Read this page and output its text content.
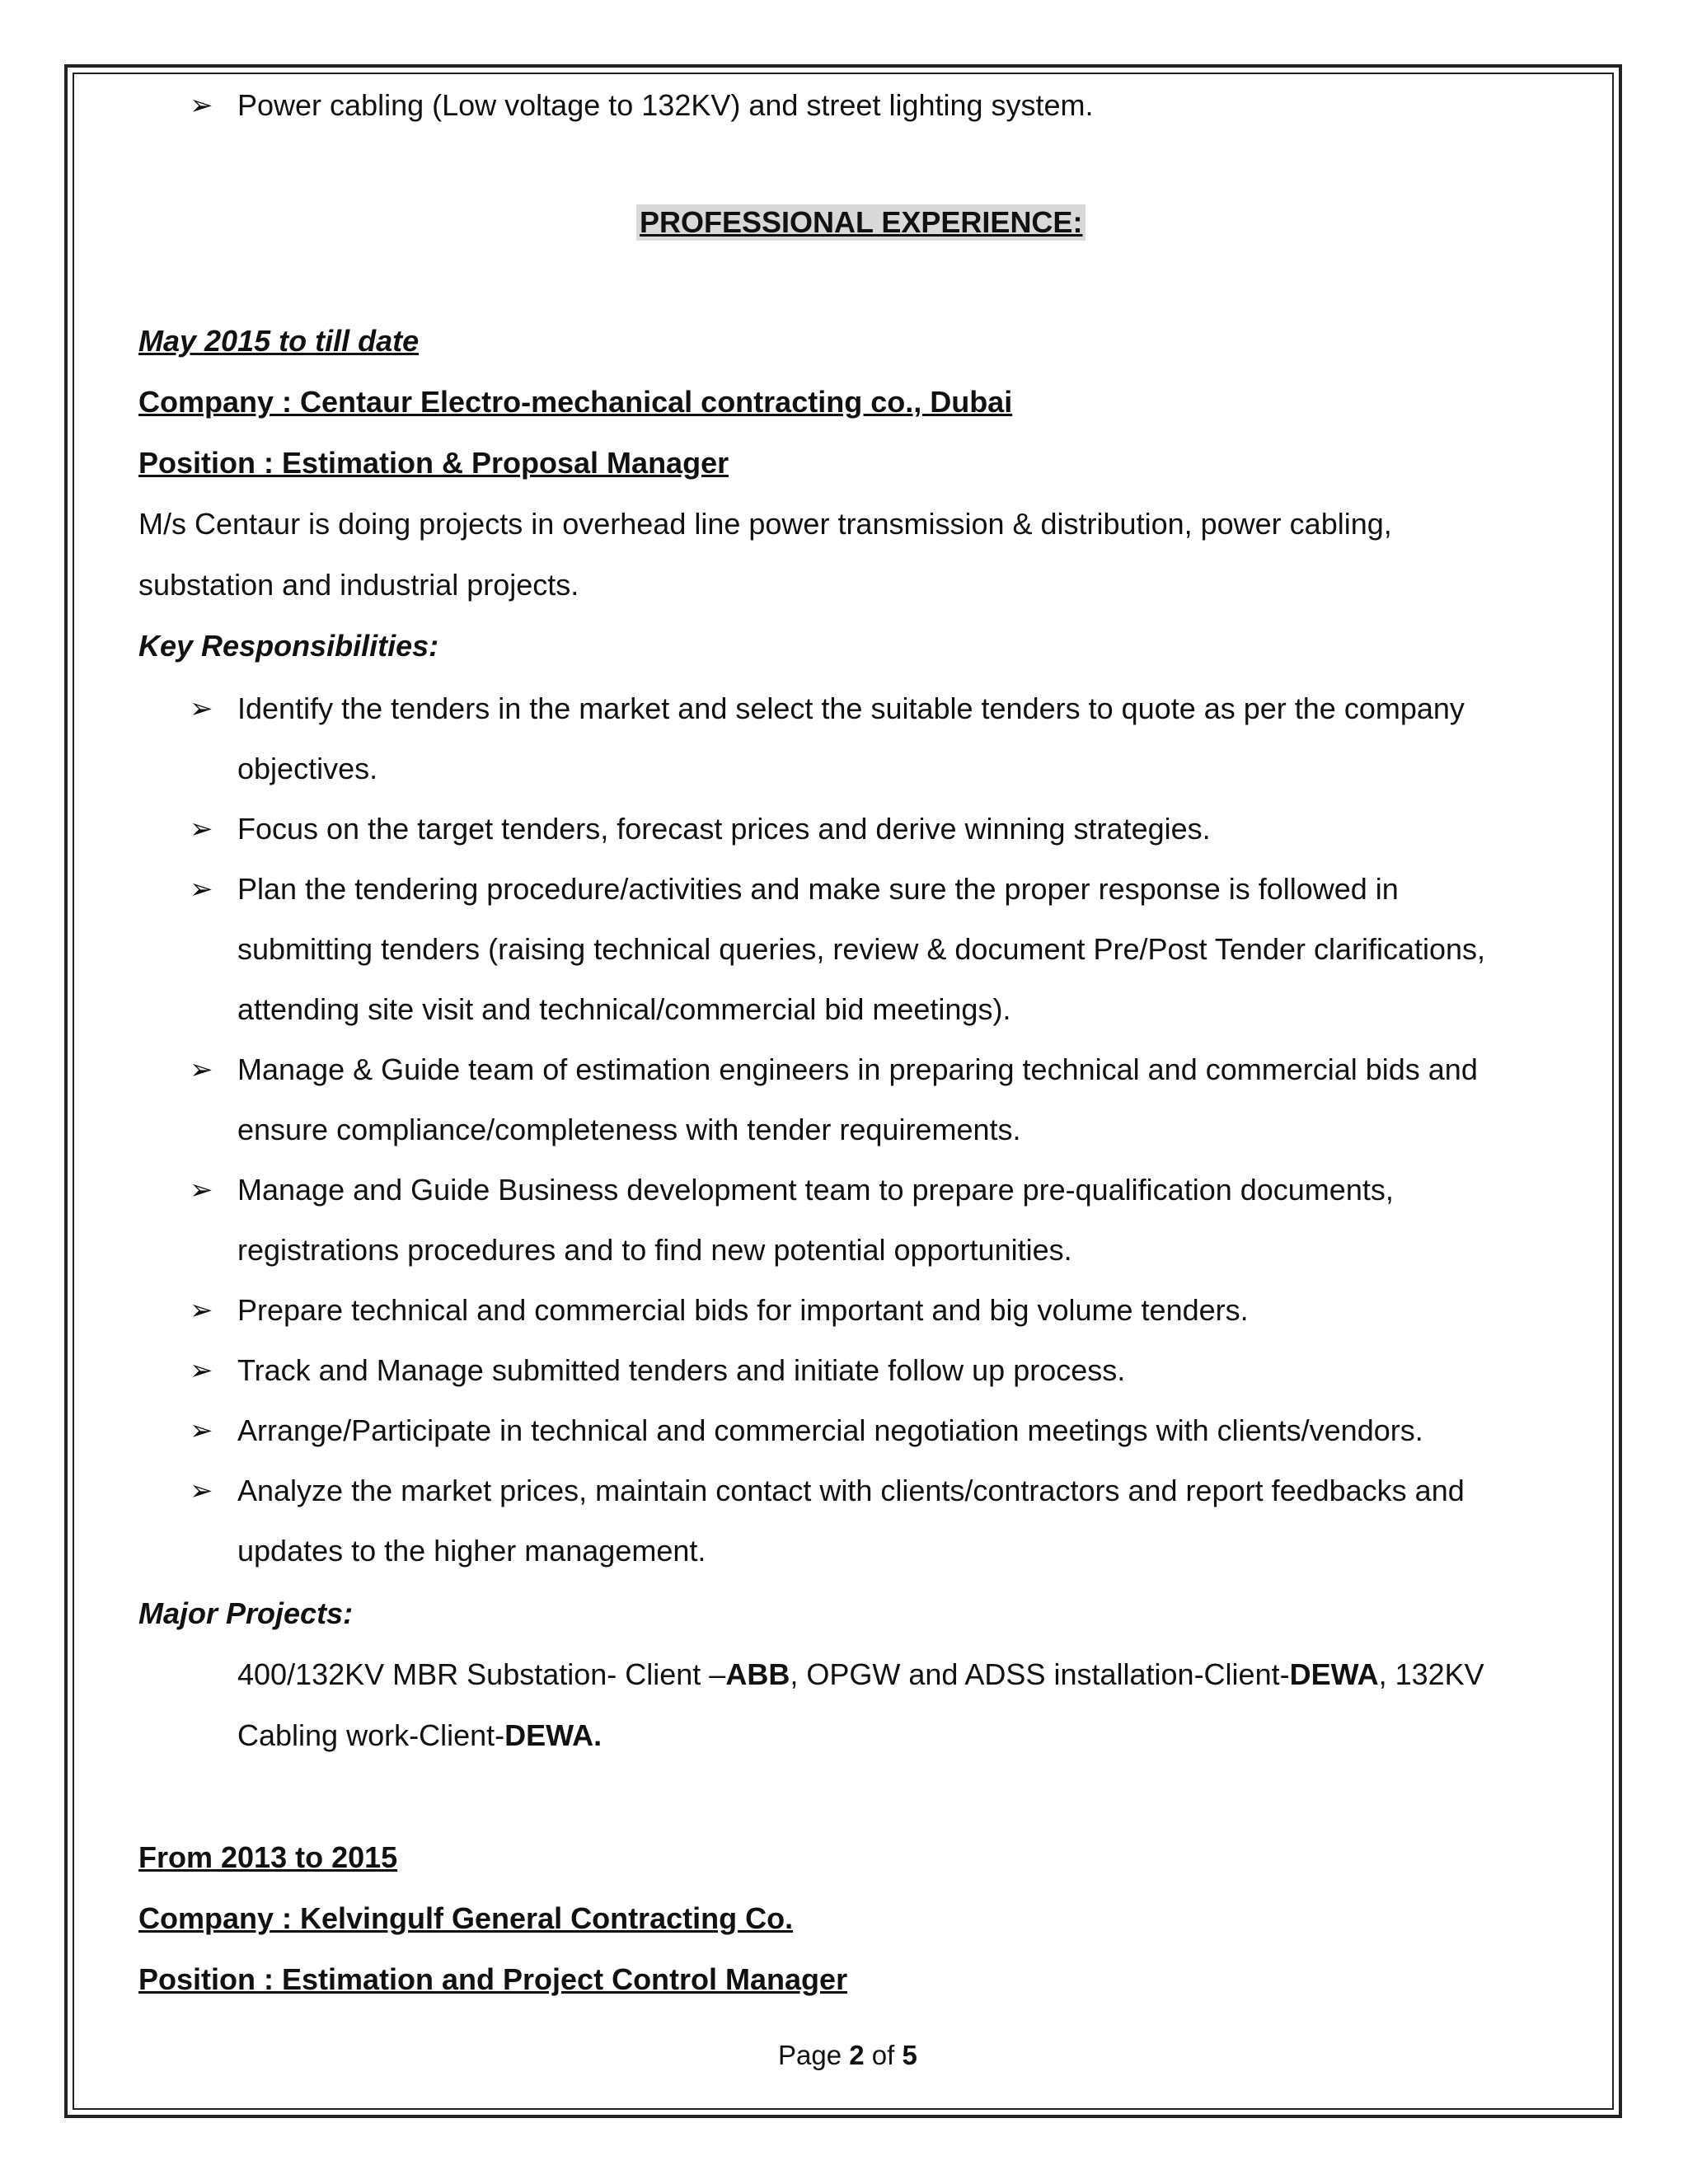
➢ Power cabling (Low voltage to 132KV) and street lighting system.
PROFESSIONAL EXPERIENCE:
May 2015 to till date
Company : Centaur Electro-mechanical contracting co., Dubai
Position : Estimation & Proposal Manager
M/s Centaur is doing projects in overhead line power transmission & distribution, power cabling,
substation and industrial projects.
Key Responsibilities:
➢ Identify the tenders in the market and select the suitable tenders to quote as per the company
objectives.
➢ Focus on the target tenders, forecast prices and derive winning strategies.
➢ Plan the tendering procedure/activities and make sure the proper response is followed in
submitting tenders (raising technical queries, review & document Pre/Post Tender clarifications,
attending site visit and technical/commercial bid meetings).
➢ Manage & Guide team of estimation engineers in preparing technical and commercial bids and
ensure compliance/completeness with tender requirements.
➢ Manage and Guide Business development team to prepare pre-qualification documents,
registrations procedures and to find new potential opportunities.
➢ Prepare technical and commercial bids for important and big volume tenders.
➢ Track and Manage submitted tenders and initiate follow up process.
➢ Arrange/Participate in technical and commercial negotiation meetings with clients/vendors.
➢ Analyze the market prices, maintain contact with clients/contractors and report feedbacks and
updates to the higher management.
Major Projects:
400/132KV MBR Substation- Client –ABB, OPGW and ADSS installation-Client-DEWA, 132KV
Cabling work-Client-DEWA.
From 2013 to 2015
Company : Kelvingulf General Contracting Co.
Position : Estimation and Project Control Manager
Page 2 of 5
